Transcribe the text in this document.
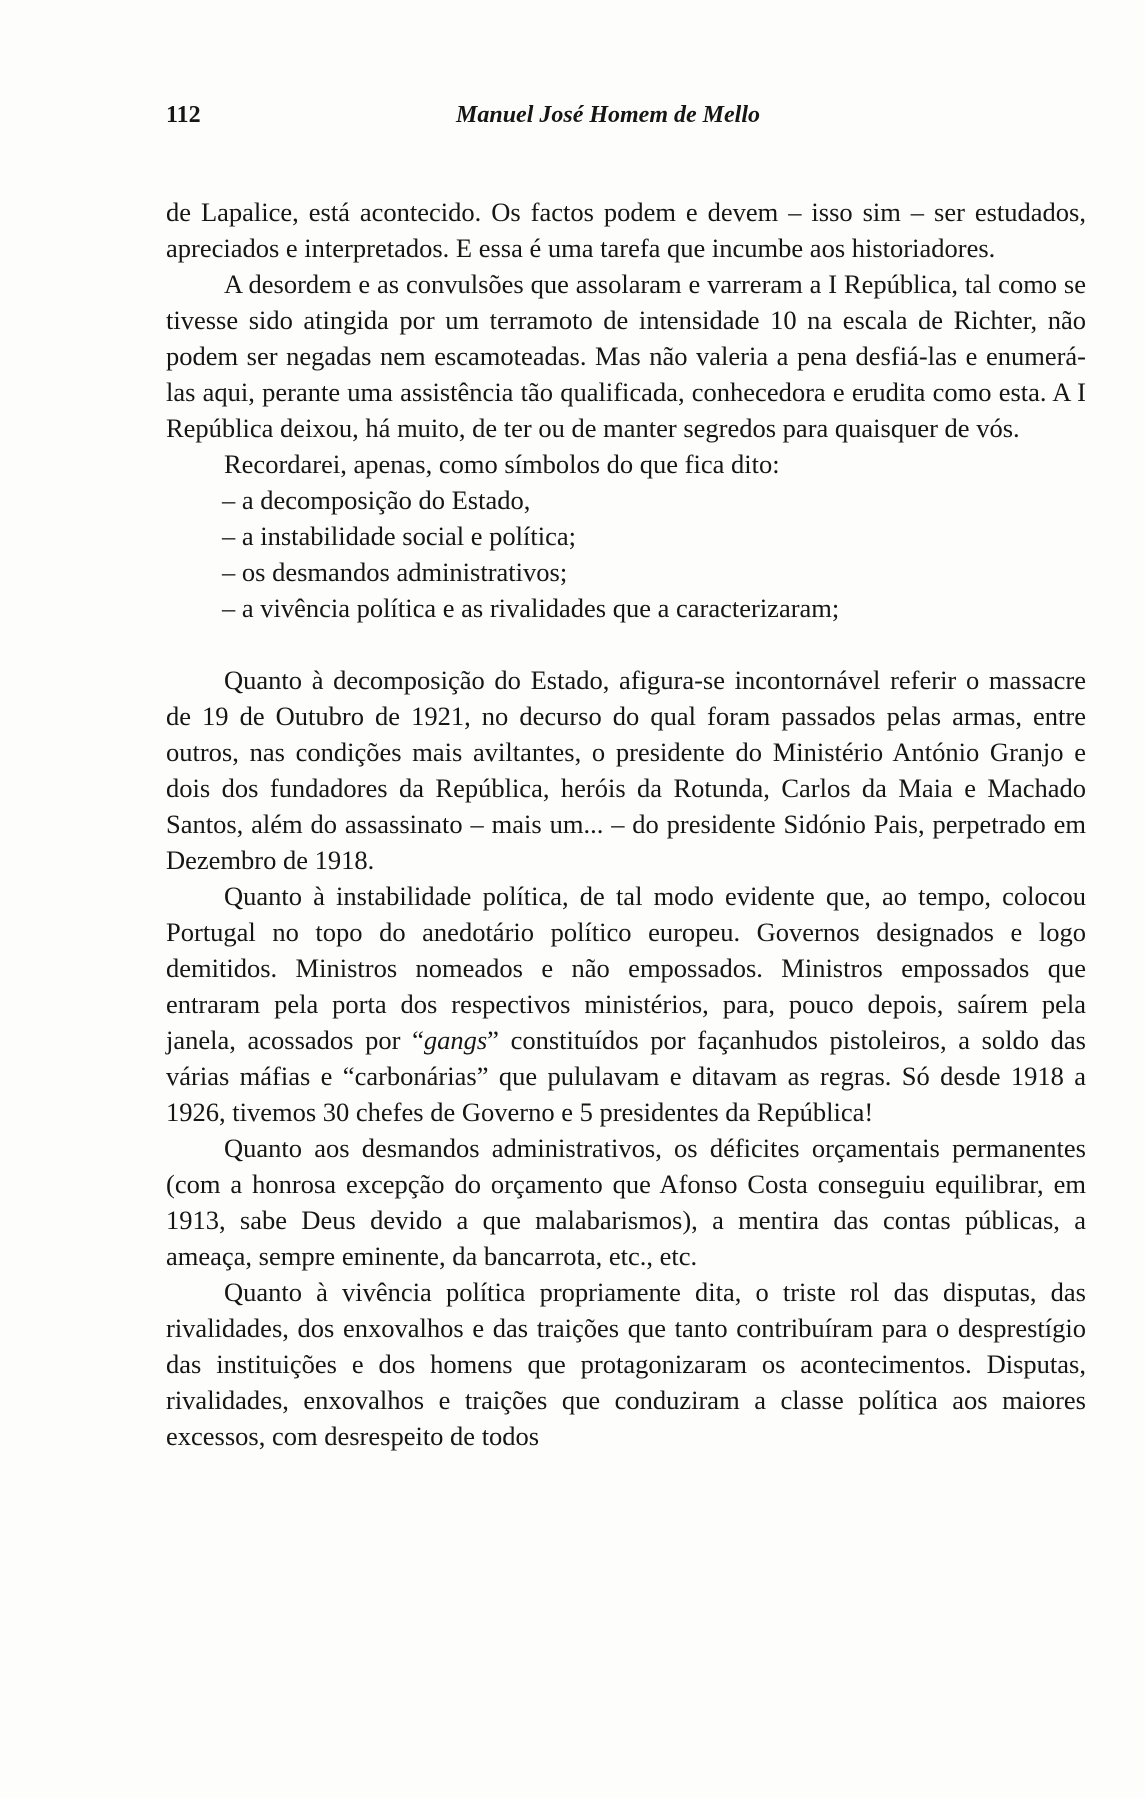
112	Manuel José Homem de Mello

de Lapalice, está acontecido. Os factos podem e devem – isso sim – ser estudados, apreciados e interpretados. E essa é uma tarefa que incumbe aos historiadores.

A desordem e as convulsões que assolaram e varreram a I República, tal como se tivesse sido atingida por um terramoto de intensidade 10 na escala de Richter, não podem ser negadas nem escamoteadas. Mas não valeria a pena desfiá-las e enumerá-las aqui, perante uma assistência tão qualificada, conhecedora e erudita como esta. A I República deixou, há muito, de ter ou de manter segredos para quaisquer de vós.

Recordarei, apenas, como símbolos do que fica dito:

– a decomposição do Estado,
– a instabilidade social e política;
– os desmandos administrativos;
– a vivência política e as rivalidades que a caracterizaram;

Quanto à decomposição do Estado, afigura-se incontornável referir o massacre de 19 de Outubro de 1921, no decurso do qual foram passados pelas armas, entre outros, nas condições mais aviltantes, o presidente do Ministério António Granjo e dois dos fundadores da República, heróis da Rotunda, Carlos da Maia e Machado Santos, além do assassinato – mais um... – do presidente Sidónio Pais, perpetrado em Dezembro de 1918.

Quanto à instabilidade política, de tal modo evidente que, ao tempo, colocou Portugal no topo do anedotário político europeu. Governos designados e logo demitidos. Ministros nomeados e não empossados. Ministros empossados que entraram pela porta dos respectivos ministérios, para, pouco depois, saírem pela janela, acossados por “gangs” constituídos por façanhudos pistoleiros, a soldo das várias máfias e “carbonárias” que pululavam e ditavam as regras. Só desde 1918 a 1926, tivemos 30 chefes de Governo e 5 presidentes da República!

Quanto aos desmandos administrativos, os déficites orçamentais permanentes (com a honrosa excepção do orçamento que Afonso Costa conseguiu equilibrar, em 1913, sabe Deus devido a que malabarismos), a mentira das contas públicas, a ameaça, sempre eminente, da bancarrota, etc., etc.

Quanto à vivência política propriamente dita, o triste rol das disputas, das rivalidades, dos enxovalhos e das traições que tanto contribuíram para o desprestígio das instituições e dos homens que protagonizaram os acontecimentos. Disputas, rivalidades, enxovalhos e traições que conduziram a classe política aos maiores excessos, com desrespeito de todos
